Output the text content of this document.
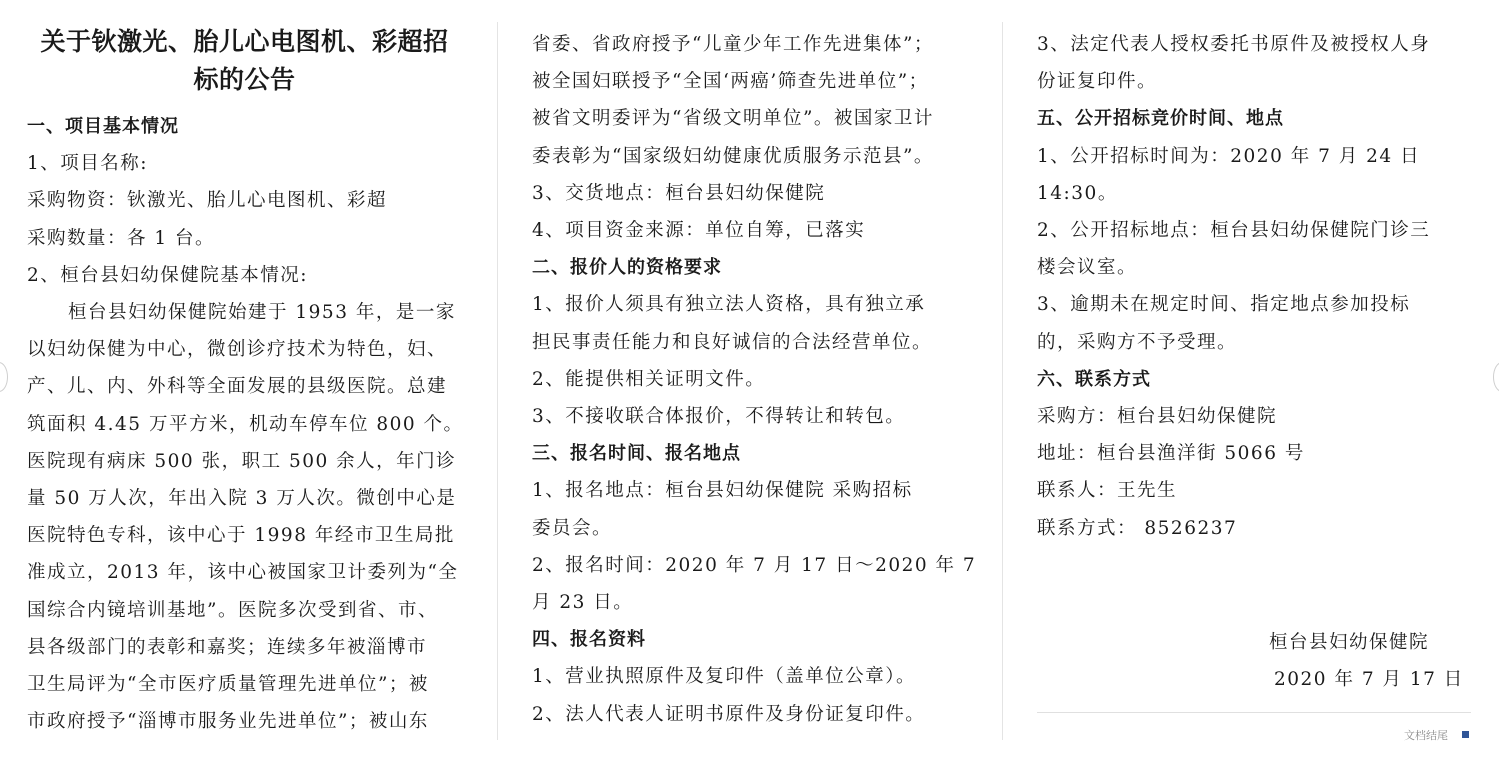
关于钬激光、胎儿心电图机、彩超招
标的公告
一、项目基本情况
1、项目名称:
采购物资：钬激光、胎儿心电图机、彩超
采购数量：各 1 台。
2、桓台县妇幼保健院基本情况:
桓台县妇幼保健院始建于 1953 年，是一家
以妇幼保健为中心，微创诊疗技术为特色，妇、
产、儿、内、外科等全面发展的县级医院。总建
筑面积 4.45 万平方米，机动车停车位 800 个。
医院现有病床 500 张，职工 500 余人，年门诊
量 50 万人次，年出入院 3 万人次。微创中心是
医院特色专科，该中心于 1998 年经市卫生局批
准成立，2013 年，该中心被国家卫计委列为“全
国综合内镜培训基地”。医院多次受到省、市、
县各级部门的表彰和嘉奖；连续多年被淄博市
卫生局评为“全市医疗质量管理先进单位”；被
市政府授予“淄博市服务业先进单位”；被山东
省委、省政府授予“儿童少年工作先进集体”；
被全国妇联授予“全国‘两癌’筛查先进单位”；
被省文明委评为“省级文明单位”。被国家卫计
委表彰为“国家级妇幼健康优质服务示范县”。
3、交货地点：桓台县妇幼保健院
4、项目资金来源：单位自筹，已落实
二、报价人的资格要求
1、报价人须具有独立法人资格，具有独立承
担民事责任能力和良好诚信的合法经营单位。
2、能提供相关证明文件。
3、不接收联合体报价，不得转让和转包。
三、报名时间、报名地点
1、报名地点：桓台县妇幼保健院 采购招标
委员会。
2、报名时间：2020 年 7 月 17 日～2020 年 7
月 23 日。
四、报名资料
1、营业执照原件及复印件（盖单位公章）。
2、法人代表人证明书原件及身份证复印件。
3、法定代表人授权委托书原件及被授权人身
份证复印件。
五、公开招标竞价时间、地点
1、公开招标时间为：2020 年 7 月 24 日
14:30。
2、公开招标地点：桓台县妇幼保健院门诊三
楼会议室。
3、逾期未在规定时间、指定地点参加投标
的，采购方不予受理。
六、联系方式
采购方：桓台县妇幼保健院
地址：桓台县渔洋街 5066 号
联系人：王先生
联系方式： 8526237
桓台县妇幼保健院
2020 年 7 月 17 日
文档结尾
